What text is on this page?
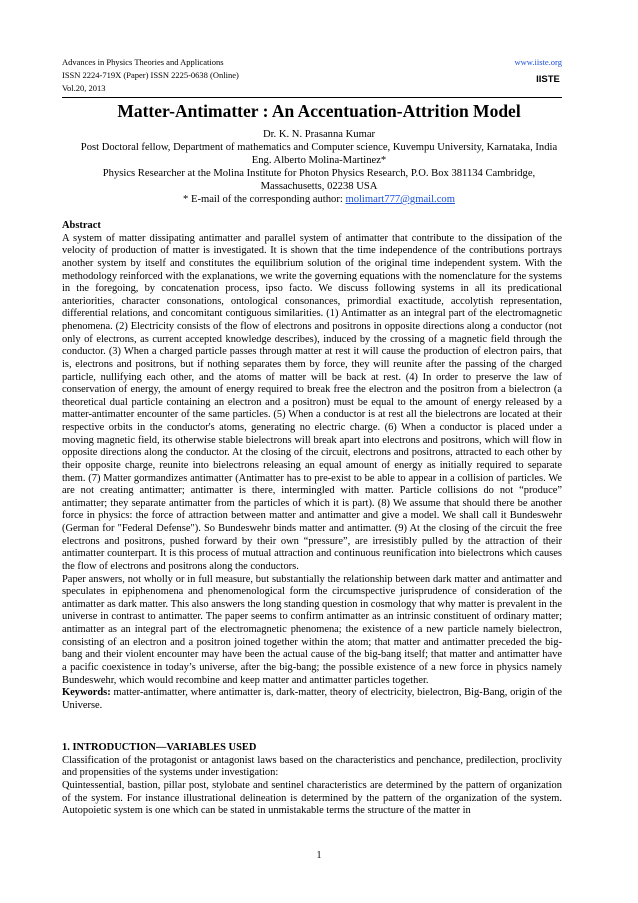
Advances in Physics Theories and Applications
ISSN 2224-719X (Paper) ISSN 2225-0638 (Online)
Vol.20, 2013
www.iiste.org
IISTE
Matter-Antimatter : An Accentuation-Attrition Model
Dr. K. N. Prasanna Kumar
Post Doctoral fellow, Department of mathematics and Computer science, Kuvempu University, Karnataka, India
Eng. Alberto Molina-Martinez*
Physics Researcher at the Molina Institute for Photon Physics Research, P.O. Box 381134 Cambridge,
Massachusetts, 02238 USA
* E-mail of the corresponding author: molimart777@gmail.com
Abstract
A system of matter dissipating antimatter and parallel system of antimatter that contribute to the dissipation of the velocity of production of matter is investigated. It is shown that the time independence of the contributions portrays another system by itself and constitutes the equilibrium solution of the original time independent system. With the methodology reinforced with the explanations, we write the governing equations with the nomenclature for the systems in the foregoing, by concatenation process, ipso facto. We discuss following systems in all its predicational anteriorities, character consonations, ontological consonances, primordial exactitude, accolytish representation, differential relations, and concomitant contiguous similarities. (1) Antimatter as an integral part of the electromagnetic phenomena. (2) Electricity consists of the flow of electrons and positrons in opposite directions along a conductor (not only of electrons, as current accepted knowledge describes), induced by the crossing of a magnetic field through the conductor. (3) When a charged particle passes through matter at rest it will cause the production of electron pairs, that is, electrons and positrons, but if nothing separates them by force, they will reunite after the passing of the charged particle, nullifying each other, and the atoms of matter will be back at rest. (4) In order to preserve the law of conservation of energy, the amount of energy required to break free the electron and the positron from a bielectron (a theoretical dual particle containing an electron and a positron) must be equal to the amount of energy released by a matter-antimatter encounter of the same particles. (5) When a conductor is at rest all the bielectrons are located at their respective orbits in the conductor's atoms, generating no electric charge. (6) When a conductor is placed under a moving magnetic field, its otherwise stable bielectrons will break apart into electrons and positrons, which will flow in opposite directions along the conductor. At the closing of the circuit, electrons and positrons, attracted to each other by their opposite charge, reunite into bielectrons releasing an equal amount of energy as initially required to separate them. (7) Matter gormandizes antimatter (Antimatter has to pre-exist to be able to appear in a collision of particles. We are not creating antimatter; antimatter is there, intermingled with matter. Particle collisions do not “produce” antimatter; they separate antimatter from the particles of which it is part). (8) We assume that should there be another force in physics: the force of attraction between matter and antimatter and give a model. We shall call it Bundeswehr (German for "Federal Defense"). So Bundeswehr binds matter and antimatter. (9) At the closing of the circuit the free electrons and positrons, pushed forward by their own “pressure”, are irresistibly pulled by the attraction of their antimatter counterpart. It is this process of mutual attraction and continuous reunification into bielectrons which causes the flow of electrons and positrons along the conductors.
Paper answers, not wholly or in full measure, but substantially the relationship between dark matter and antimatter and speculates in epiphenomena and phenomenological form the circumspective jurisprudence of consideration of the antimatter as dark matter. This also answers the long standing question in cosmology that why matter is prevalent in the universe in contrast to antimatter. The paper seems to confirm antimatter as an intrinsic constituent of ordinary matter; antimatter as an integral part of the electromagnetic phenomena; the existence of a new particle namely bielectron, consisting of an electron and a positron joined together within the atom; that matter and antimatter preceded the big-bang and their violent encounter may have been the actual cause of the big-bang itself; that matter and antimatter have a pacific coexistence in today’s universe, after the big-bang; the possible existence of a new force in physics namely Bundeswehr, which would recombine and keep matter and antimatter particles together.
Keywords: matter-antimatter, where antimatter is, dark-matter, theory of electricity, bielectron, Big-Bang, origin of the Universe.
1. INTRODUCTION—VARIABLES USED
Classification of the protagonist or antagonist laws based on the characteristics and penchance, predilection, proclivity and propensities of the systems under investigation:
Quintessential, bastion, pillar post, stylobate and sentinel characteristics are determined by the pattern of organization of the system. For instance illustrational delineation is determined by the pattern of the organization of the system. Autopoietic system is one which can be stated in unmistakable terms the structure of the matter in
1
